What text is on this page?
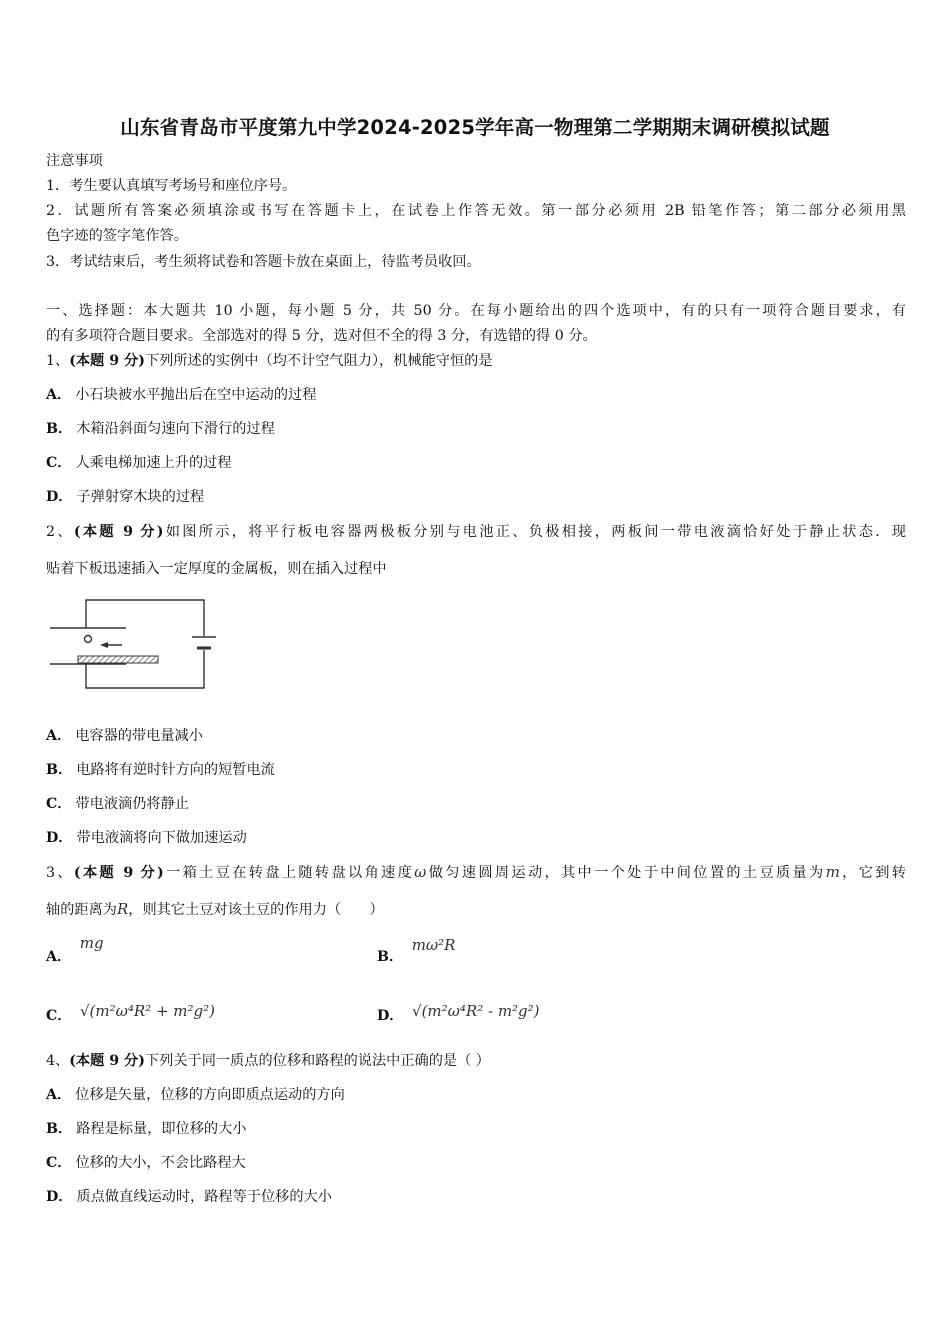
山东省青岛市平度第九中学2024-2025学年高一物理第二学期期末调研模拟试题
注意事项
1．考生要认真填写考场号和座位序号。
2．试题所有答案必须填涂或书写在答题卡上，在试卷上作答无效。第一部分必须用 2B 铅笔作答；第二部分必须用黑
色字迹的签字笔作答。
3．考试结束后，考生须将试卷和答题卡放在桌面上，待监考员收回。
一、选择题：本大题共 10 小题，每小题 5 分，共 50 分。在每小题给出的四个选项中，有的只有一项符合题目要求，有
的有多项符合题目要求。全部选对的得 5 分，选对但不全的得 3 分，有选错的得 0 分。
1、(本题 9 分)下列所述的实例中（均不计空气阻力），机械能守恒的是
A． 小石块被水平抛出后在空中运动的过程
B． 木箱沿斜面匀速向下滑行的过程
C． 人乘电梯加速上升的过程
D． 子弹射穿木块的过程
2、(本题 9 分)如图所示，将平行板电容器两极板分别与电池正、负极相接，两板间一带电液滴恰好处于静止状态．现
贴着下板迅速插入一定厚度的金属板，则在插入过程中
A． 电容器的带电量减小
B． 电路将有逆时针方向的短暂电流
C． 带电液滴仍将静止
D． 带电液滴将向下做加速运动
3、(本题 9 分)一箱土豆在转盘上随转盘以角速度ω做匀速圆周运动，其中一个处于中间位置的土豆质量为m，它到转
轴的距离为R，则其它土豆对该土豆的作用力（　　）
A． mg
B． mω²R
C． √(m²ω⁴R² + m²g²)	D． √(m²ω⁴R² - m²g²)
4、(本题 9 分)下列关于同一质点的位移和路程的说法中正确的是（ ）
A． 位移是矢量，位移的方向即质点运动的方向
B． 路程是标量，即位移的大小
C． 位移的大小，不会比路程大
D． 质点做直线运动时，路程等于位移的大小
